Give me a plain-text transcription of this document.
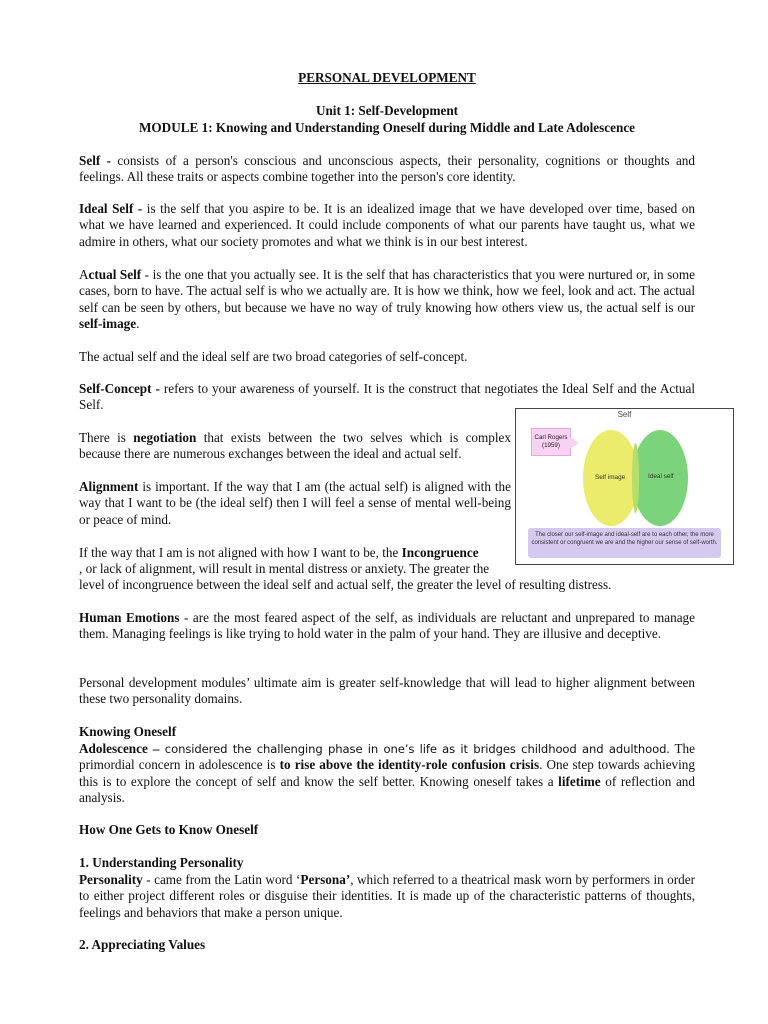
PERSONAL DEVELOPMENT

Unit 1: Self-Development

MODULE 1: Knowing and Understanding Oneself during Middle and Late Adolescence

Self - consists of a person's conscious and unconscious aspects, their personality, cognitions or thoughts and feelings. All these traits or aspects combine together into the person's core identity.

Ideal Self - is the self that you aspire to be. It is an idealized image that we have developed over time, based on what we have learned and experienced. It could include components of what our parents have taught us, what we admire in others, what our society promotes and what we think is in our best interest.

Actual Self - is the one that you actually see. It is the self that has characteristics that you were nurtured or, in some cases, born to have. The actual self is who we actually are. It is how we think, how we feel, look and act. The actual self can be seen by others, but because we have no way of truly knowing how others view us, the actual self is our self-image.

The actual self and the ideal self are two broad categories of self-concept.

Self-Concept - refers to your awareness of yourself. It is the construct that negotiates the Ideal Self and the Actual Self.

There is negotiation that exists between the two selves which is complex because there are numerous exchanges between the ideal and actual self.

Alignment is important. If the way that I am (the actual self) is aligned with the way that I want to be (the ideal self) then I will feel a sense of mental well-being or peace of mind.

If the way that I am is not aligned with how I want to be, the Incongruence

, or lack of alignment, will result in mental distress or anxiety. The greater the

level of incongruence between the ideal self and actual self, the greater the level of resulting distress.

Self
Carl Rogers
(1959)
Self image	Ideal self
The closer our self-image and ideal-self are to each other, the more
consistent or congruent we are and the higher our sense of self-worth.

Human Emotions - are the most feared aspect of the self, as individuals are reluctant and unprepared to manage them. Managing feelings is like trying to hold water in the palm of your hand. They are illusive and deceptive.

Personal development modules’ ultimate aim is greater self-knowledge that will lead to higher alignment between these two personality domains.

Knowing Oneself

Adolescence – considered the challenging phase in one’s life as it bridges childhood and adulthood. The primordial concern in adolescence is to rise above the identity-role confusion crisis. One step towards achieving this is to explore the concept of self and know the self better. Knowing oneself takes a lifetime of reflection and analysis.

How One Gets to Know Oneself

1. Understanding Personality

Personality - came from the Latin word ‘Persona’, which referred to a theatrical mask worn by performers in order to either project different roles or disguise their identities. It is made up of the characteristic patterns of thoughts, feelings and behaviors that make a person unique.

2. Appreciating Values
